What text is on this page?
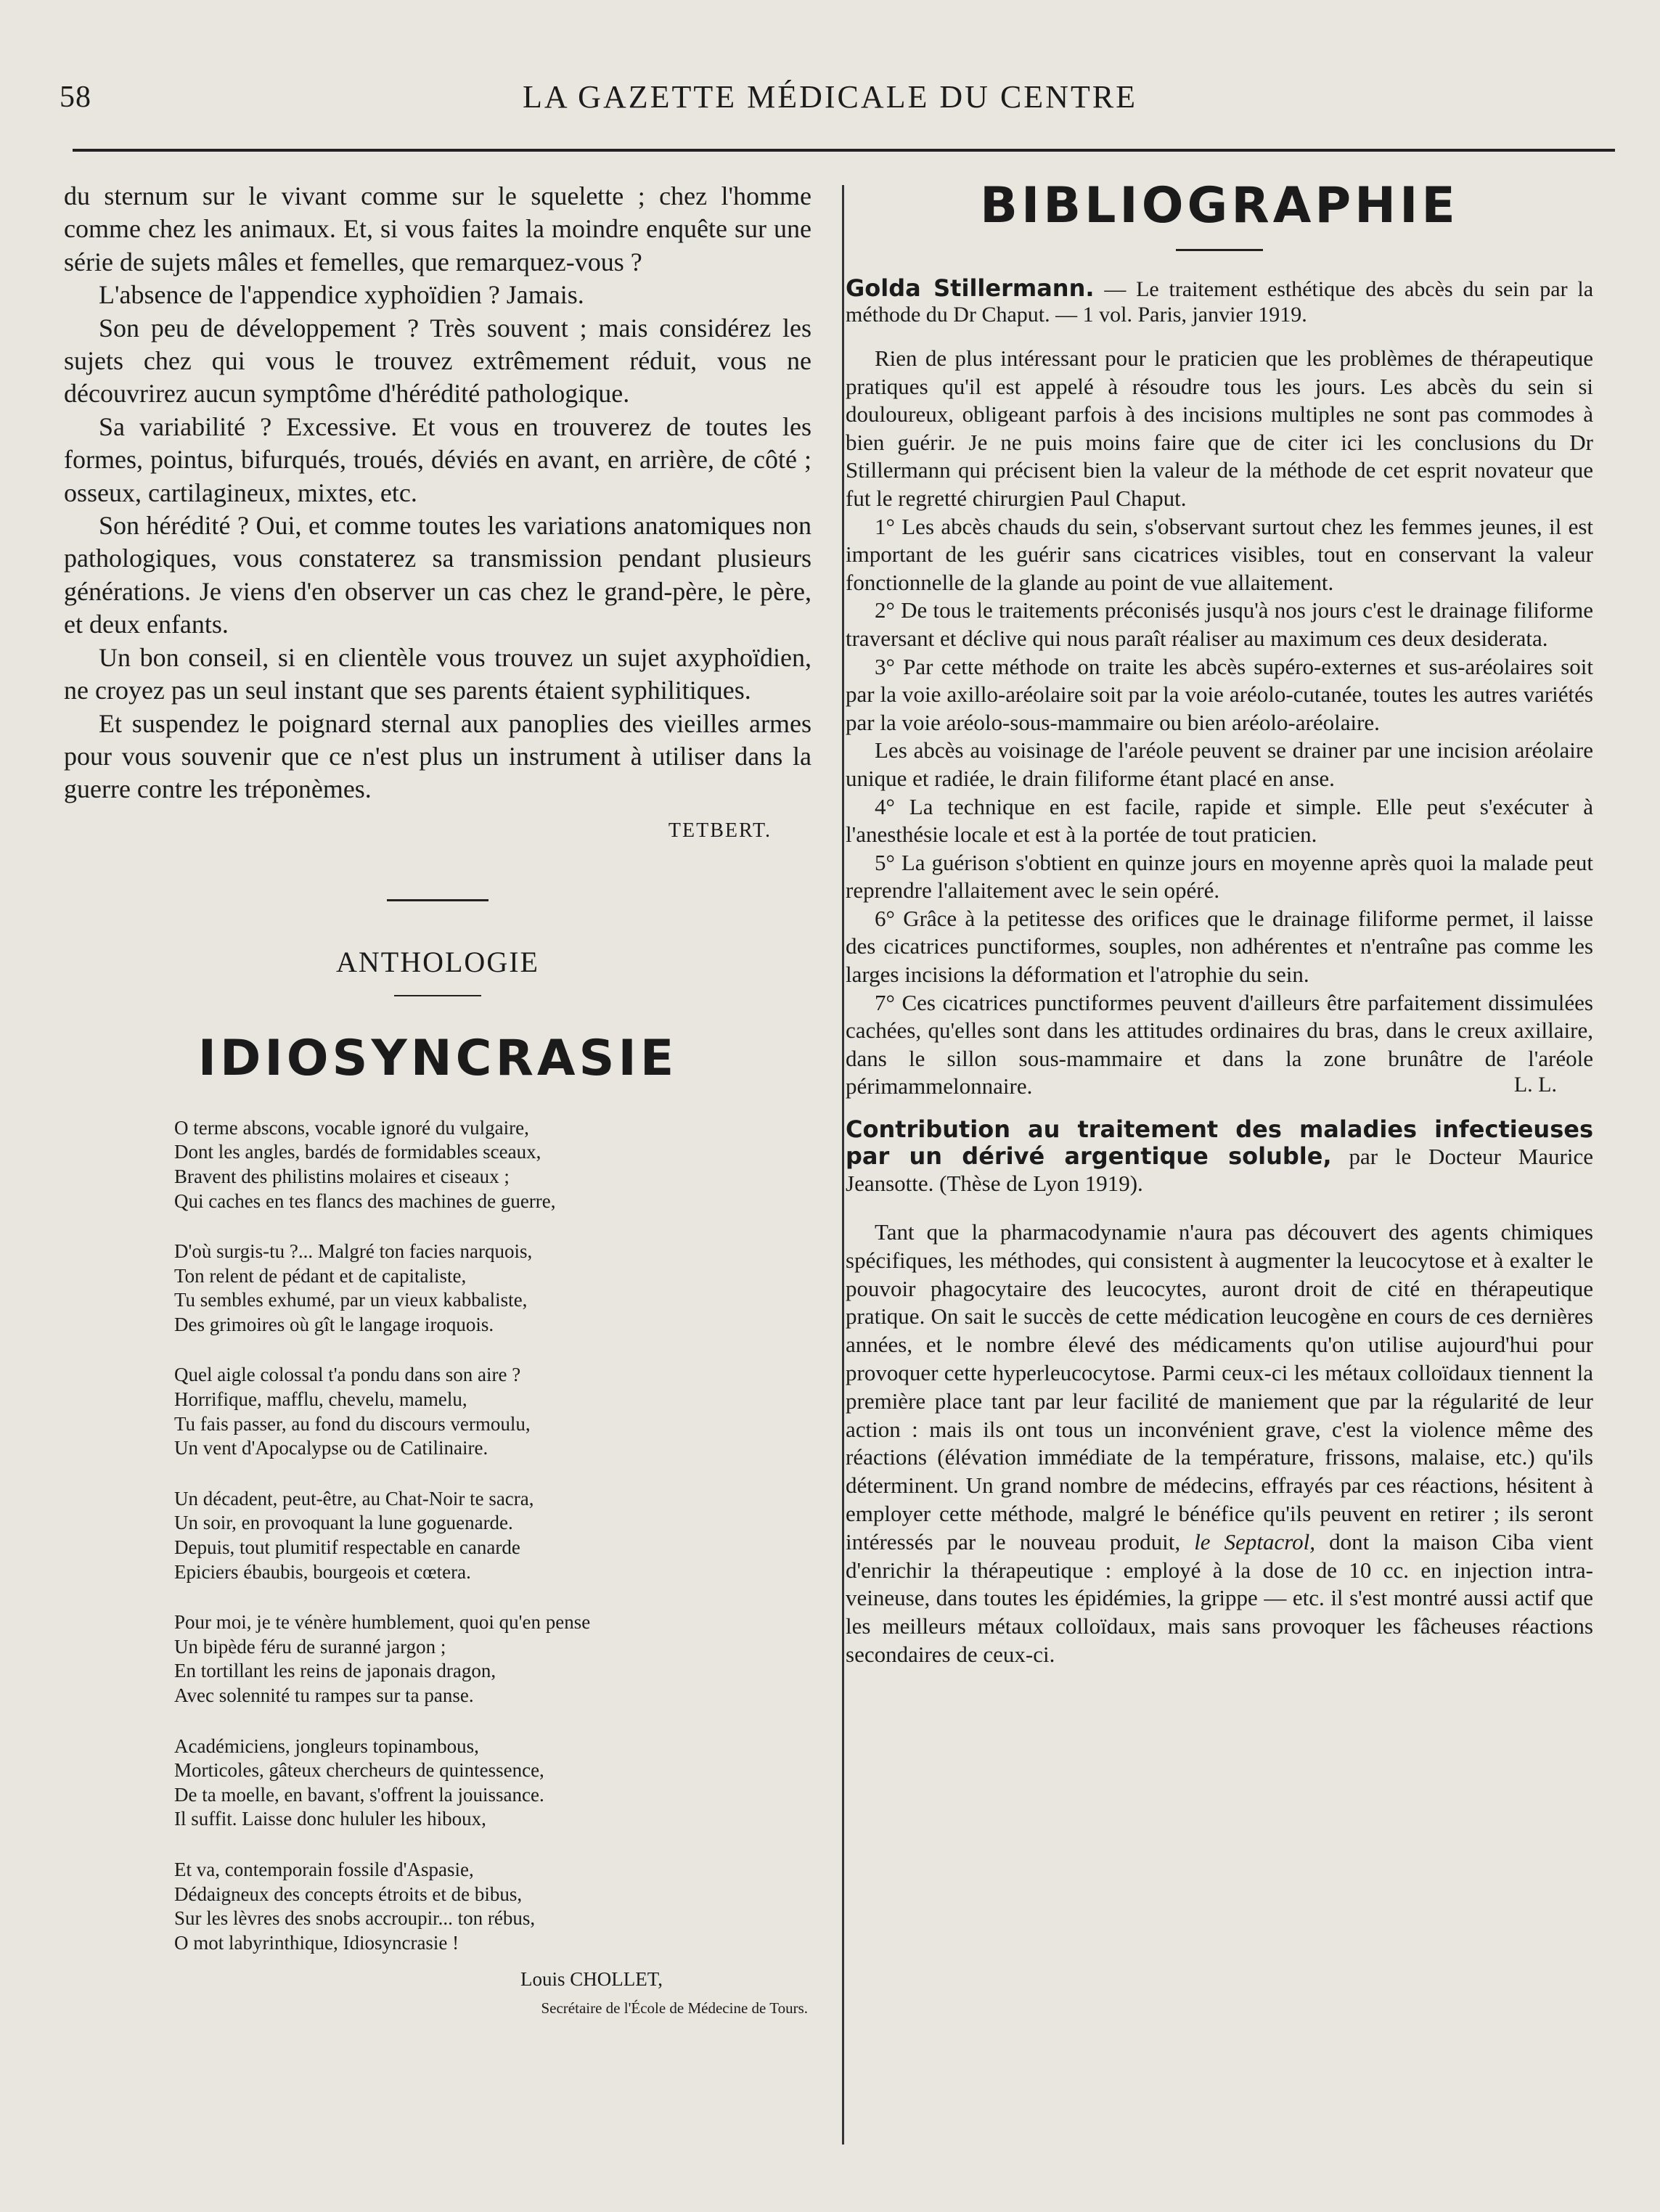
58	LA GAZETTE MÉDICALE DU CENTRE

du sternum sur le vivant comme sur le squelette ; chez l'homme comme chez les animaux. Et, si vous faites la moindre enquête sur une série de sujets mâles et femelles, que remarquez-vous ?

L'absence de l'appendice xyphoïdien ? Jamais.

Son peu de développement ? Très souvent ; mais considérez les sujets chez qui vous le trouvez extrêmement réduit, vous ne découvrirez aucun symptôme d'hérédité pathologique.

Sa variabilité ? Excessive. Et vous en trouverez de toutes les formes, pointus, bifurqués, troués, déviés en avant, en arrière, de côté ; osseux, cartilagineux, mixtes, etc.

Son hérédité ? Oui, et comme toutes les variations anatomiques non pathologiques, vous constaterez sa transmission pendant plusieurs générations. Je viens d'en observer un cas chez le grand-père, le père, et deux enfants.

Un bon conseil, si en clientèle vous trouvez un sujet axyphoïdien, ne croyez pas un seul instant que ses parents étaient syphilitiques.

Et suspendez le poignard sternal aux panoplies des vieilles armes pour vous souvenir que ce n'est plus un instrument à utiliser dans la guerre contre les tréponèmes.

TETBERT.
ANTHOLOGIE
IDIOSYNCRASIE
O terme abscons, vocable ignoré du vulgaire,
Dont les angles, bardés de formidables sceaux,
Bravent des philistins molaires et ciseaux ;
Qui caches en tes flancs des machines de guerre,
D'où surgis-tu ?... Malgré ton facies narquois,
Ton relent de pédant et de capitaliste,
Tu sembles exhumé, par un vieux kabbaliste,
Des grimoires où gît le langage iroquois.
Quel aigle colossal t'a pondu dans son aire ?
Horrifique, mafflu, chevelu, mamelu,
Tu fais passer, au fond du discours vermoulu,
Un vent d'Apocalypse ou de Catilinaire.
Un décadent, peut-être, au Chat-Noir te sacra,
Un soir, en provoquant la lune goguenarde.
Depuis, tout plumitif respectable en canarde
Epiciers ébaubis, bourgeois et cœtera.
Pour moi, je te vénère humblement, quoi qu'en pense
Un bipède féru de suranné jargon ;
En tortillant les reins de japonais dragon,
Avec solennité tu rampes sur ta panse.
Académiciens, jongleurs topinambous,
Morticoles, gâteux chercheurs de quintessence,
De ta moelle, en bavant, s'offrent la jouissance.
Il suffit. Laisse donc hululer les hiboux,
Et va, contemporain fossile d'Aspasie,
Dédaigneux des concepts étroits et de bibus,
Sur les lèvres des snobs accroupir... ton rébus,
O mot labyrinthique, Idiosyncrasie !
Louis CHOLLET,
Secrétaire de l'École de Médecine de Tours.
BIBLIOGRAPHIE
Golda Stillermann. — Le traitement esthétique des abcès du sein par la méthode du Dr Chaput. — 1 vol. Paris, janvier 1919.

Rien de plus intéressant pour le praticien que les problèmes de thérapeutique pratiques qu'il est appelé à résoudre tous les jours. Les abcès du sein si douloureux, obligeant parfois à des incisions multiples ne sont pas commodes à bien guérir. Je ne puis moins faire que de citer ici les conclusions du Dr Stillermann qui précisent bien la valeur de la méthode de cet esprit novateur que fut le regretté chirurgien Paul Chaput.

1° Les abcès chauds du sein, s'observant surtout chez les femmes jeunes, il est important de les guérir sans cicatrices visibles, tout en conservant la valeur fonctionnelle de la glande au point de vue allaitement.

2° De tous le traitements préconisés jusqu'à nos jours c'est le drainage filiforme traversant et déclive qui nous paraît réaliser au maximum ces deux desiderata.

3° Par cette méthode on traite les abcès supéro-externes et sus-aréolaires soit par la voie axillo-aréolaire soit par la voie aréolo-cutanée, toutes les autres variétés par la voie aréolo-sous-mammaire ou bien aréolo-aréolaire.

Les abcès au voisinage de l'aréole peuvent se drainer par une incision aréolaire unique et radiée, le drain filiforme étant placé en anse.

4° La technique en est facile, rapide et simple. Elle peut s'exécuter à l'anesthésie locale et est à la portée de tout praticien.

5° La guérison s'obtient en quinze jours en moyenne après quoi la malade peut reprendre l'allaitement avec le sein opéré.

6° Grâce à la petitesse des orifices que le drainage filiforme permet, il laisse des cicatrices punctiformes, souples, non adhérentes et n'entraîne pas comme les larges incisions la déformation et l'atrophie du sein.

7° Ces cicatrices punctiformes peuvent d'ailleurs être parfaitement dissimulées cachées, qu'elles sont dans les attitudes ordinaires du bras, dans le creux axillaire, dans le sillon sous-mammaire et dans la zone brunâtre de l'aréole périmammelonnaire.	L. L.
Contribution au traitement des maladies infectieuses par un dérivé argentique soluble, par le Docteur Maurice Jeansotte. (Thèse de Lyon 1919).

Tant que la pharmacodynamie n'aura pas découvert des agents chimiques spécifiques, les méthodes, qui consistent à augmenter la leucocytose et à exalter le pouvoir phagocytaire des leucocytes, auront droit de cité en thérapeutique pratique. On sait le succès de cette médication leucogène en cours de ces dernières années, et le nombre élevé des médicaments qu'on utilise aujourd'hui pour provoquer cette hyperleucocytose. Parmi ceux-ci les métaux colloïdaux tiennent la première place tant par leur facilité de maniement que par la régularité de leur action : mais ils ont tous un inconvénient grave, c'est la violence même des réactions (élévation immédiate de la température, frissons, malaise, etc.) qu'ils déterminent. Un grand nombre de médecins, effrayés par ces réactions, hésitent à employer cette méthode, malgré le bénéfice qu'ils peuvent en retirer ; ils seront intéressés par le nouveau produit, le Septacrol, dont la maison Ciba vient d'enrichir la thérapeutique : employé à la dose de 10 cc. en injection intra-veineuse, dans toutes les épidémies, la grippe — etc. il s'est montré aussi actif que les meilleurs métaux colloïdaux, mais sans provoquer les fâcheuses réactions secondaires de ceux-ci.
